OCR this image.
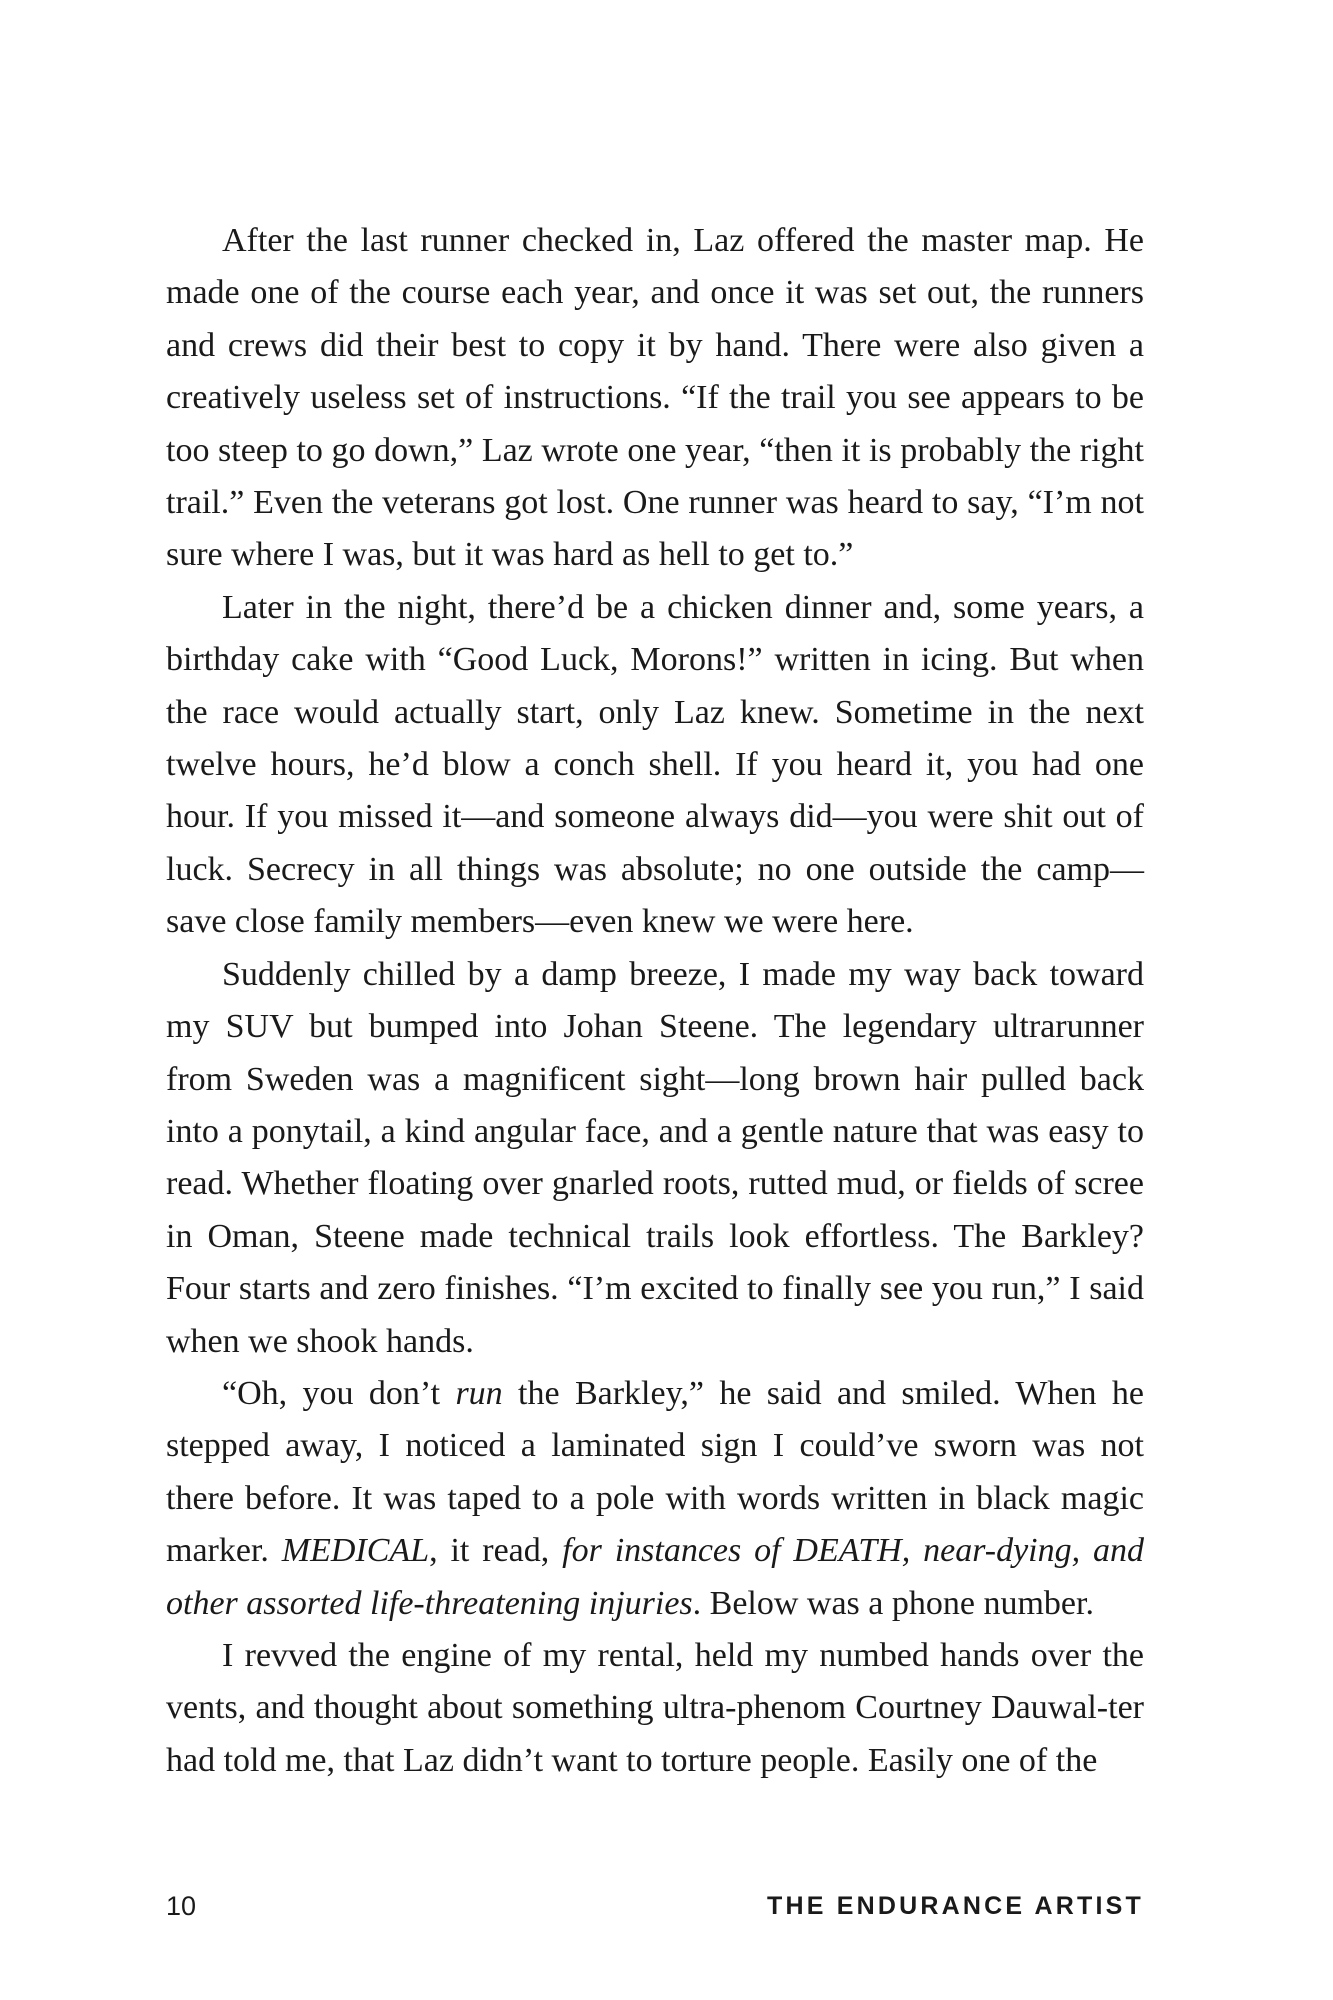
After the last runner checked in, Laz offered the master map. He made one of the course each year, and once it was set out, the runners and crews did their best to copy it by hand. There were also given a creatively useless set of instructions. “If the trail you see appears to be too steep to go down,” Laz wrote one year, “then it is probably the right trail.” Even the veterans got lost. One runner was heard to say, “I’m not sure where I was, but it was hard as hell to get to.”

Later in the night, there’d be a chicken dinner and, some years, a birthday cake with “Good Luck, Morons!” written in icing. But when the race would actually start, only Laz knew. Sometime in the next twelve hours, he’d blow a conch shell. If you heard it, you had one hour. If you missed it—and someone always did—you were shit out of luck. Secrecy in all things was absolute; no one outside the camp—save close family members—even knew we were here.

Suddenly chilled by a damp breeze, I made my way back toward my SUV but bumped into Johan Steene. The legendary ultrarunner from Sweden was a magnificent sight—long brown hair pulled back into a ponytail, a kind angular face, and a gentle nature that was easy to read. Whether floating over gnarled roots, rutted mud, or fields of scree in Oman, Steene made technical trails look effortless. The Barkley? Four starts and zero finishes. “I’m excited to finally see you run,” I said when we shook hands.

“Oh, you don’t run the Barkley,” he said and smiled. When he stepped away, I noticed a laminated sign I could’ve sworn was not there before. It was taped to a pole with words written in black magic marker. MEDICAL, it read, for instances of DEATH, near-dying, and other assorted life-threatening injuries. Below was a phone number.

I revved the engine of my rental, held my numbed hands over the vents, and thought about something ultra-phenom Courtney Dauwal-ter had told me, that Laz didn’t want to torture people. Easily one of the

10	THE ENDURANCE ARTIST
